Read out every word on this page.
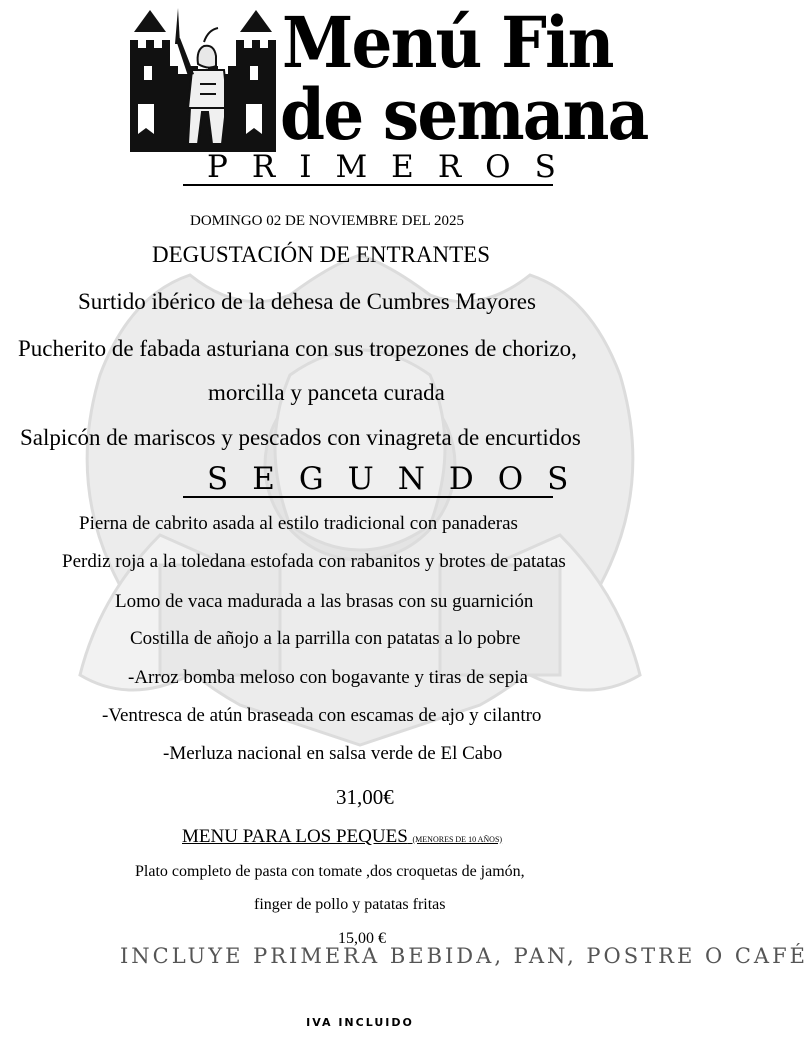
Menú Fin
de semana
PRIMEROS
DOMINGO 02 DE NOVIEMBRE DEL 2025
DEGUSTACIÓN DE ENTRANTES
Surtido ibérico de la dehesa de Cumbres Mayores
Pucherito de fabada asturiana con sus tropezones de chorizo,
morcilla y panceta curada
Salpicón de mariscos y pescados con vinagreta de encurtidos
SEGUNDOS
Pierna de cabrito asada al estilo tradicional con panaderas
Perdiz roja a la toledana estofada con rabanitos y brotes de patatas
Lomo de vaca madurada a las brasas con su guarnición
Costilla de añojo a la parrilla con patatas a lo pobre
-Arroz bomba meloso con bogavante y tiras de sepia
-Ventresca de atún braseada con escamas de ajo y cilantro
-Merluza nacional en salsa verde de El Cabo
31,00€
MENU PARA LOS PEQUES (MENORES DE 10 AÑOS)
Plato completo de pasta con tomate ,dos croquetas de jamón,
finger de pollo y patatas fritas
15,00 €
INCLUYE PRIMERA BEBIDA, PAN, POSTRE O CAFÉ
IVA INCLUIDO
